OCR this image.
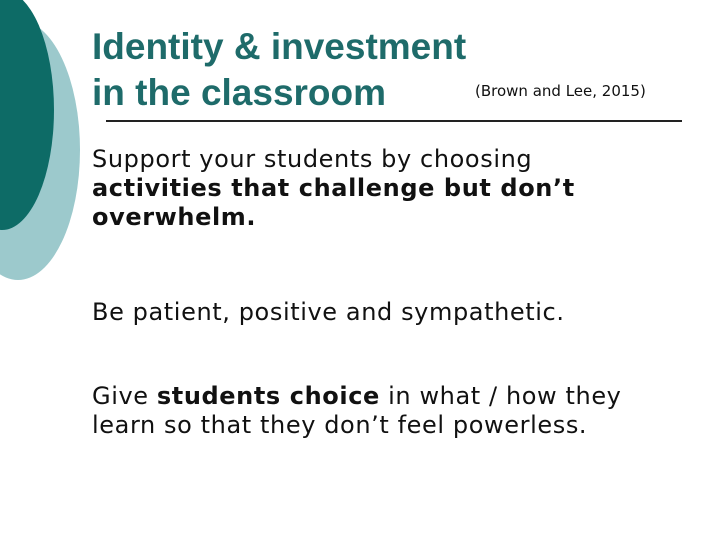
Identity & investment
in the classroom	(Brown and Lee, 2015)
Support your students by choosing
activities that challenge but don’t overwhelm.
Be patient, positive and sympathetic.
Give students choice in what / how they learn so that they don’t feel powerless.
